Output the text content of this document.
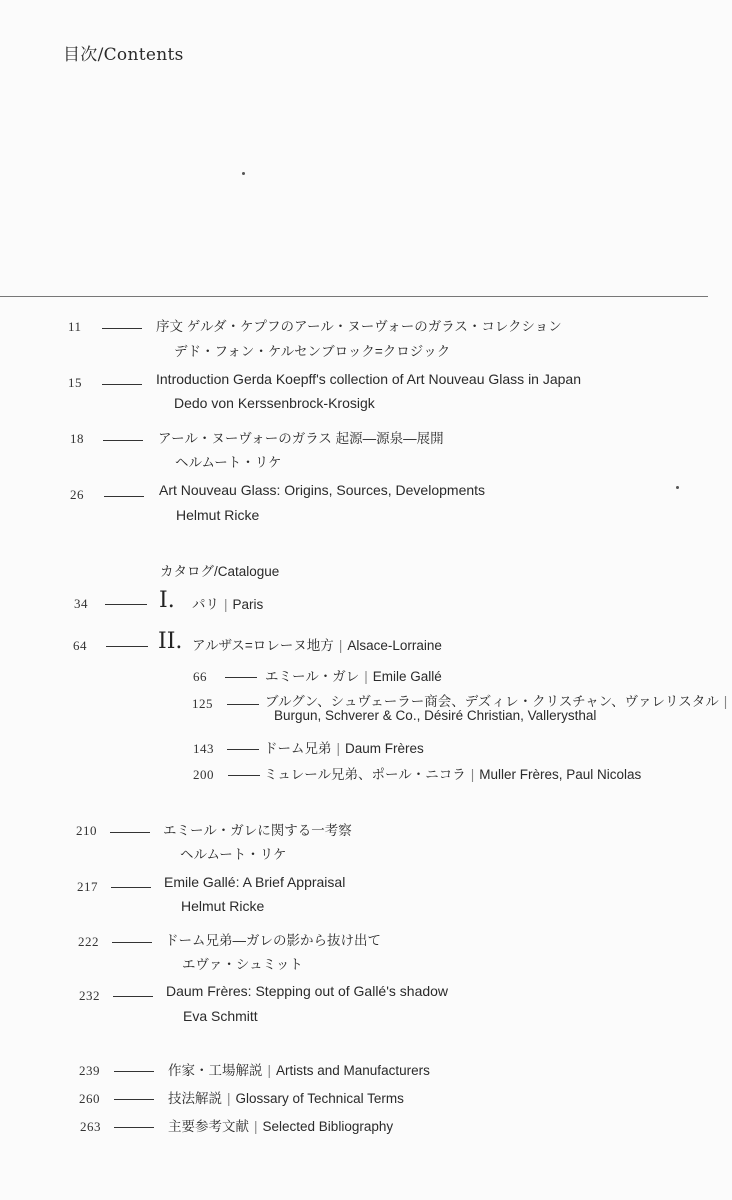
目次/Contents
11	序文 ゲルダ・ケプフのアール・ヌーヴォーのガラス・コレクション
デド・フォン・ケルセンブロック=クロジック
15	Introduction Gerda Koepff's collection of Art Nouveau Glass in Japan
Dedo von Kerssenbrock-Krosigk
18	アール・ヌーヴォーのガラス 起源―源泉―展開
ヘルムート・リケ
26	Art Nouveau Glass: Origins, Sources, Developments
Helmut Ricke
カタログ/Catalogue
34	I. パリ | Paris
64	II. アルザス=ロレーヌ地方 | Alsace-Lorraine
66	エミール・ガレ | Emile Gallé
125	ブルグン、シュヴェーラー商会、デズィレ・クリスチャン、ヴァレリスタル |
Burgun, Schverer & Co., Désiré Christian, Vallerysthal
143	ドーム兄弟 | Daum Frères
200	ミュレール兄弟、ポール・ニコラ | Muller Frères, Paul Nicolas
210	エミール・ガレに関する一考察
ヘルムート・リケ
217	Emile Gallé: A Brief Appraisal
Helmut Ricke
222	ドーム兄弟―ガレの影から抜け出て
エヴァ・シュミット
232	Daum Frères: Stepping out of Gallé's shadow
Eva Schmitt
239	作家・工場解説 | Artists and Manufacturers
260	技法解説 | Glossary of Technical Terms
263	主要参考文献 | Selected Bibliography
